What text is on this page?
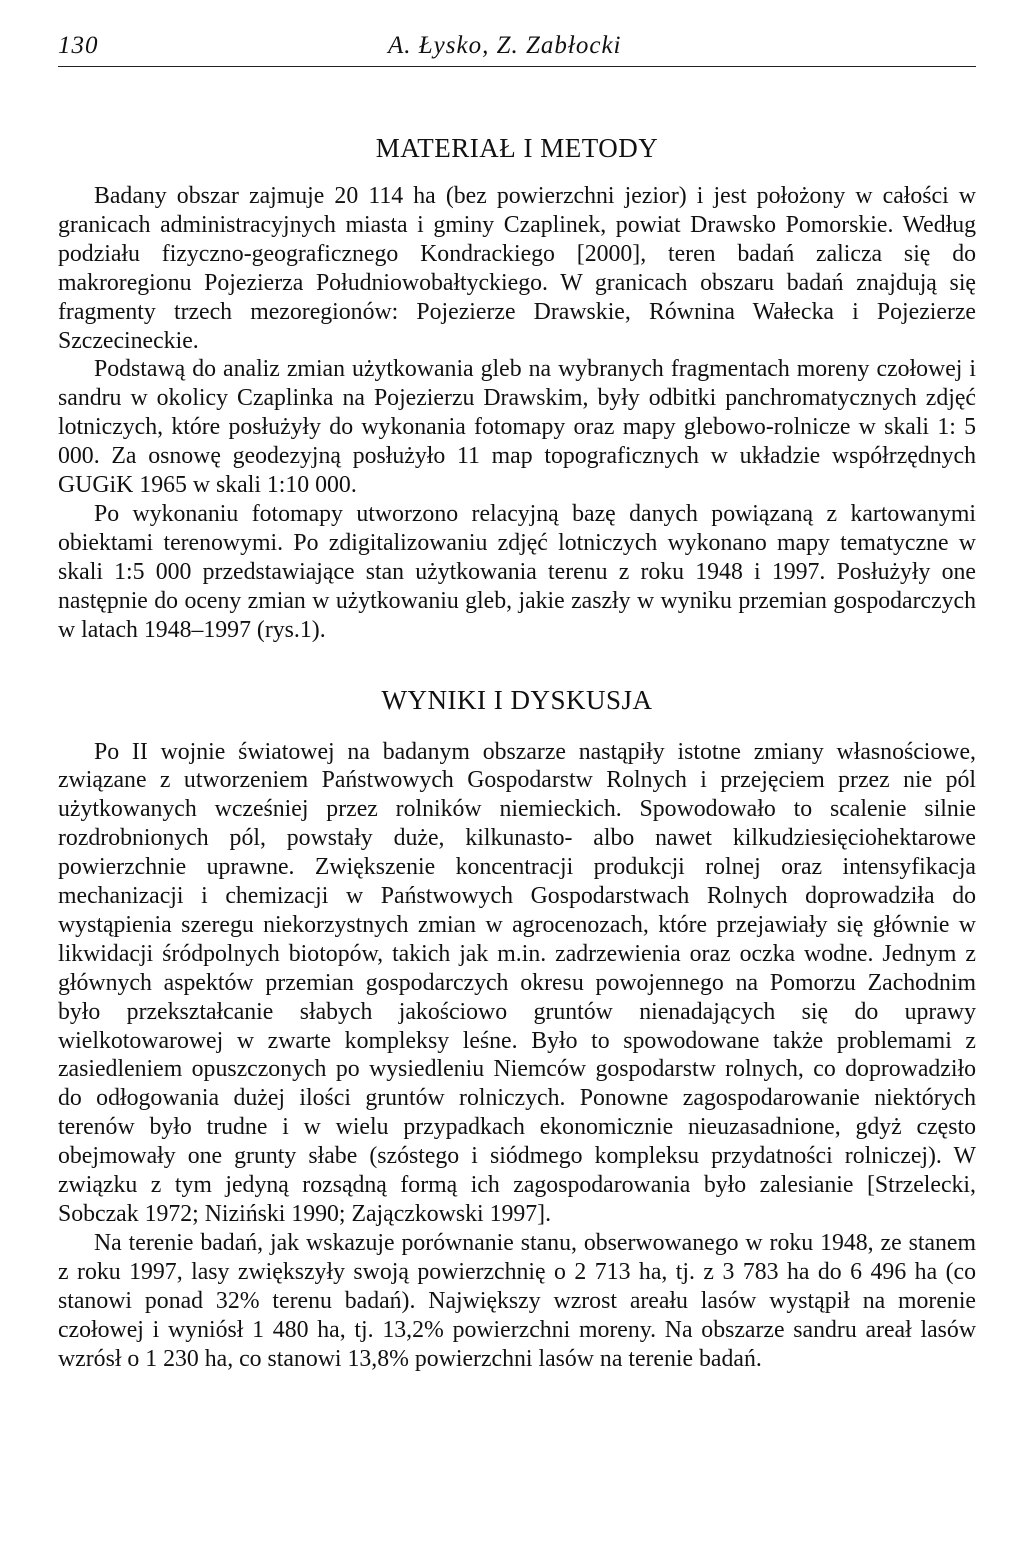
130	A. Łysko, Z. Zabłocki
MATERIAŁ I METODY

Badany obszar zajmuje 20 114 ha (bez powierzchni jezior) i jest położony w całości w granicach administracyjnych miasta i gminy Czaplinek, powiat Drawsko Pomorskie. Według podziału fizyczno-geograficznego Kondrackiego [2000], teren badań zalicza się do makroregionu Pojezierza Południowobałtyckiego. W granicach obszaru badań znajdują się fragmenty trzech mezoregionów: Pojezierze Drawskie, Równina Wałecka i Pojezierze Szczecineckie.

Podstawą do analiz zmian użytkowania gleb na wybranych fragmentach moreny czołowej i sandru w okolicy Czaplinka na Pojezierzu Drawskim, były odbitki panchromatycznych zdjęć lotniczych, które posłużyły do wykonania fotomapy oraz mapy glebowo-rolnicze w skali 1: 5 000. Za osnowę geodezyjną posłużyło 11 map topograficznych w układzie współrzędnych GUGiK 1965 w skali 1:10 000.

Po wykonaniu fotomapy utworzono relacyjną bazę danych powiązaną z kartowanymi obiektami terenowymi. Po zdigitalizowaniu zdjęć lotniczych wykonano mapy tematyczne w skali 1:5 000 przedstawiające stan użytkowania terenu z roku 1948 i 1997. Posłużyły one następnie do oceny zmian w użytkowaniu gleb, jakie zaszły w wyniku przemian gospodarczych w latach 1948–1997 (rys.1).

WYNIKI I DYSKUSJA

Po II wojnie światowej na badanym obszarze nastąpiły istotne zmiany własnościowe, związane z utworzeniem Państwowych Gospodarstw Rolnych i przejęciem przez nie pól użytkowanych wcześniej przez rolników niemieckich. Spowodowało to scalenie silnie rozdrobnionych pól, powstały duże, kilkunasto- albo nawet kilkudziesięciohektarowe powierzchnie uprawne. Zwiększenie koncentracji produkcji rolnej oraz intensyfikacja mechanizacji i chemizacji w Państwowych Gospodarstwach Rolnych doprowadziła do wystąpienia szeregu niekorzystnych zmian w agrocenozach, które przejawiały się głównie w likwidacji śródpolnych biotopów, takich jak m.in. zadrzewienia oraz oczka wodne. Jednym z głównych aspektów przemian gospodarczych okresu powojennego na Pomorzu Zachodnim było przekształcanie słabych jakościowo gruntów nienadających się do uprawy wielkotowarowej w zwarte kompleksy leśne. Było to spowodowane także problemami z zasiedleniem opuszczonych po wysiedleniu Niemców gospodarstw rolnych, co doprowadziło do odłogowania dużej ilości gruntów rolniczych. Ponowne zagospodarowanie niektórych terenów było trudne i w wielu przypadkach ekonomicznie nieuzasadnione, gdyż często obejmowały one grunty słabe (szóstego i siódmego kompleksu przydatności rolniczej). W związku z tym jedyną rozsądną formą ich zagospodarowania było zalesianie [Strzelecki, Sobczak 1972; Niziński 1990; Zajączkowski 1997].

Na terenie badań, jak wskazuje porównanie stanu, obserwowanego w roku 1948, ze stanem z roku 1997, lasy zwiększyły swoją powierzchnię o 2 713 ha, tj. z 3 783 ha do 6 496 ha (co stanowi ponad 32% terenu badań). Największy wzrost areału lasów wystąpił na morenie czołowej i wyniósł 1 480 ha, tj. 13,2% powierzchni moreny. Na obszarze sandru areał lasów wzrósł o 1 230 ha, co stanowi 13,8% powierzchni lasów na terenie badań.
